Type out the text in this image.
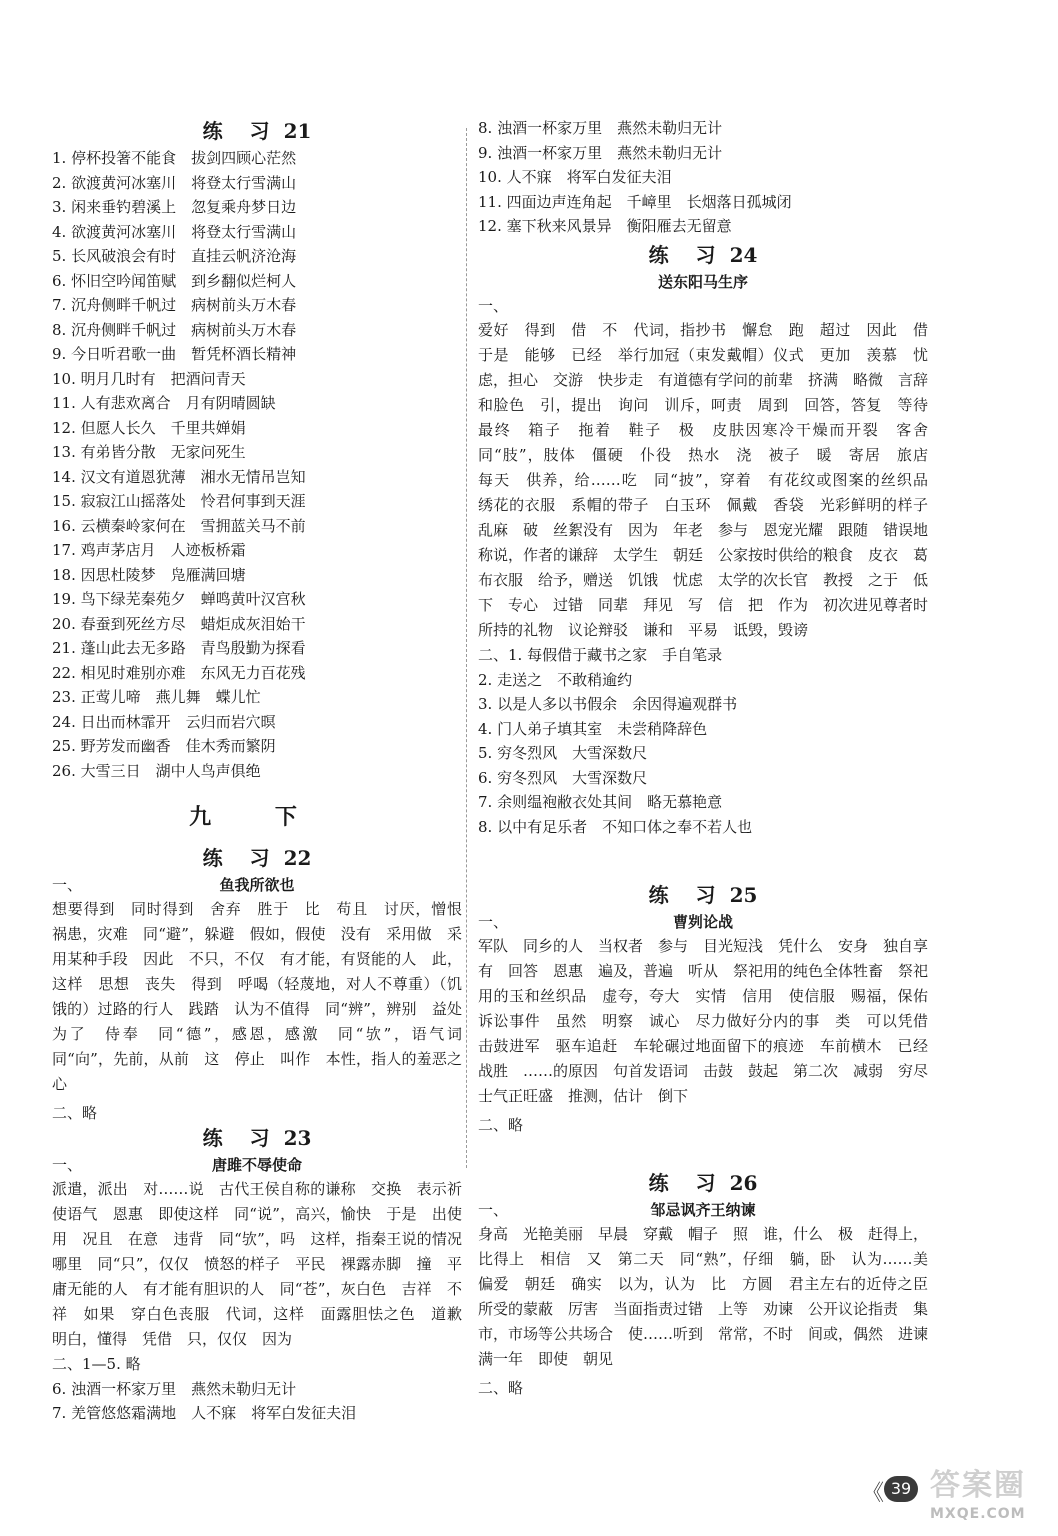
练 习 21
1. 停杯投箸不能食　拔剑四顾心茫然
2. 欲渡黄河冰塞川　将登太行雪满山
3. 闲来垂钓碧溪上　忽复乘舟梦日边
4. 欲渡黄河冰塞川　将登太行雪满山
5. 长风破浪会有时　直挂云帆济沧海
6. 怀旧空吟闻笛赋　到乡翻似烂柯人
7. 沉舟侧畔千帆过　病树前头万木春
8. 沉舟侧畔千帆过　病树前头万木春
9. 今日听君歌一曲　暂凭杯酒长精神
10. 明月几时有　把酒问青天
11. 人有悲欢离合　月有阴晴圆缺
12. 但愿人长久　千里共婵娟
13. 有弟皆分散　无家问死生
14. 汉文有道恩犹薄　湘水无情吊岂知
15. 寂寂江山摇落处　怜君何事到天涯
16. 云横秦岭家何在　雪拥蓝关马不前
17. 鸡声茅店月　人迹板桥霜
18. 因思杜陵梦　凫雁满回塘
19. 鸟下绿芜秦苑夕　蝉鸣黄叶汉宫秋
20. 春蚕到死丝方尽　蜡炬成灰泪始干
21. 蓬山此去无多路　青鸟殷勤为探看
22. 相见时难别亦难　东风无力百花残
23. 正莺儿啼　燕儿舞　蝶儿忙
24. 日出而林霏开　云归而岩穴暝
25. 野芳发而幽香　佳木秀而繁阴
26. 大雪三日　湖中人鸟声俱绝
九 下
练 习 22
一、	鱼我所欲也
想要得到　同时得到　舍弃　胜于　比　苟且　讨厌，憎恨　祸患，灾难　同“避”，躲避　假如，假使　没有　采用做　采用某种手段　因此　不只，不仅　有才能，有贤能的人　此，这样　思想　丧失　得到　呼喝（轻蔑地，对人不尊重）（饥饿的）过路的行人　践踏　认为不值得　同“辨”，辨别　益处　为了　侍奉　同“德”，感恩，感激　同“欤”，语气词　同“向”，先前，从前　这　停止　叫作　本性，指人的羞恶之心
二、略
练 习 23
一、	唐雎不辱使命
派遣，派出　对……说　古代王侯自称的谦称　交换　表示祈使语气　恩惠　即使这样　同“说”，高兴，愉快　于是　出使　用　况且　在意　违背　同“欤”，吗　这样，指秦王说的情况　哪里　同“只”，仅仅　愤怒的样子　平民　裸露赤脚　撞　平庸无能的人　有才能有胆识的人　同“苍”，灰白色　吉祥　不祥　如果　穿白色丧服　代词，这样　面露胆怯之色　道歉　明白，懂得　凭借　只，仅仅　因为
二、1—5. 略
6. 浊酒一杯家万里　燕然未勒归无计
7. 羌管悠悠霜满地　人不寐　将军白发征夫泪
8. 浊酒一杯家万里　燕然未勒归无计
9. 浊酒一杯家万里　燕然未勒归无计
10. 人不寐　将军白发征夫泪
11. 四面边声连角起　千嶂里　长烟落日孤城闭
12. 塞下秋来风景异　衡阳雁去无留意
练 习 24
送东阳马生序
一、
爱好　得到　借　不　代词，指抄书　懈怠　跑　超过　因此　借　于是　能够　已经　举行加冠（束发戴帽）仪式　更加　羡慕　忧虑，担心　交游　快步走　有道德有学问的前辈　挤满　略微　言辞和脸色　引，提出　询问　训斥，呵责　周到　回答，答复　等待　最终　箱子　拖着　鞋子　极　皮肤因寒冷干燥而开裂　客舍　同“肢”，肢体　僵硬　仆役　热水　浇　被子　暖　寄居　旅店　每天　供养，给……吃　同“披”，穿着　有花纹或图案的丝织品　绣花的衣服　系帽的带子　白玉环　佩戴　香袋　光彩鲜明的样子　乱麻　破　丝絮没有　因为　年老　参与　恩宠光耀　跟随　错误地称说，作者的谦辞　太学生　朝廷　公家按时供给的粮食　皮衣　葛布衣服　给予，赠送　饥饿　忧虑　太学的次长官　教授　之于　低下　专心　过错　同辈　拜见　写　信　把　作为　初次进见尊者时所持的礼物　议论辩驳　谦和　平易　诋毁，毁谤
二、1. 每假借于藏书之家　手自笔录
2. 走送之　不敢稍逾约
3. 以是人多以书假余　余因得遍观群书
4. 门人弟子填其室　未尝稍降辞色
5. 穷冬烈风　大雪深数尺
6. 穷冬烈风　大雪深数尺
7. 余则缊袍敝衣处其间　略无慕艳意
8. 以中有足乐者　不知口体之奉不若人也
练 习 25
一、	曹刿论战
军队　同乡的人　当权者　参与　目光短浅　凭什么　安身　独自享有　回答　恩惠　遍及，普遍　听从　祭祀用的纯色全体牲畜　祭祀用的玉和丝织品　虚夸，夸大　实情　信用　使信服　赐福，保佑　诉讼事件　虽然　明察　诚心　尽力做好分内的事　类　可以凭借　击鼓进军　驱车追赶　车轮碾过地面留下的痕迹　车前横木　已经　战胜　……的原因　句首发语词　击鼓　鼓起　第二次　减弱　穷尽　士气正旺盛　推测，估计　倒下
二、略
练 习 26
一、	邹忌讽齐王纳谏
身高　光艳美丽　早晨　穿戴　帽子　照　谁，什么　极　赶得上，比得上　相信　又　第二天　同“熟”，仔细　躺，卧　认为……美　偏爱　朝廷　确实　以为，认为　比　方圆　君主左右的近侍之臣　所受的蒙蔽　厉害　当面指责过错　上等　劝谏　公开议论指责　集市，市场等公共场合　使……听到　常常，不时　间或，偶然　进谏　满一年　即使　朝见
二、略
《 39 答案圈
MXQE.COM
